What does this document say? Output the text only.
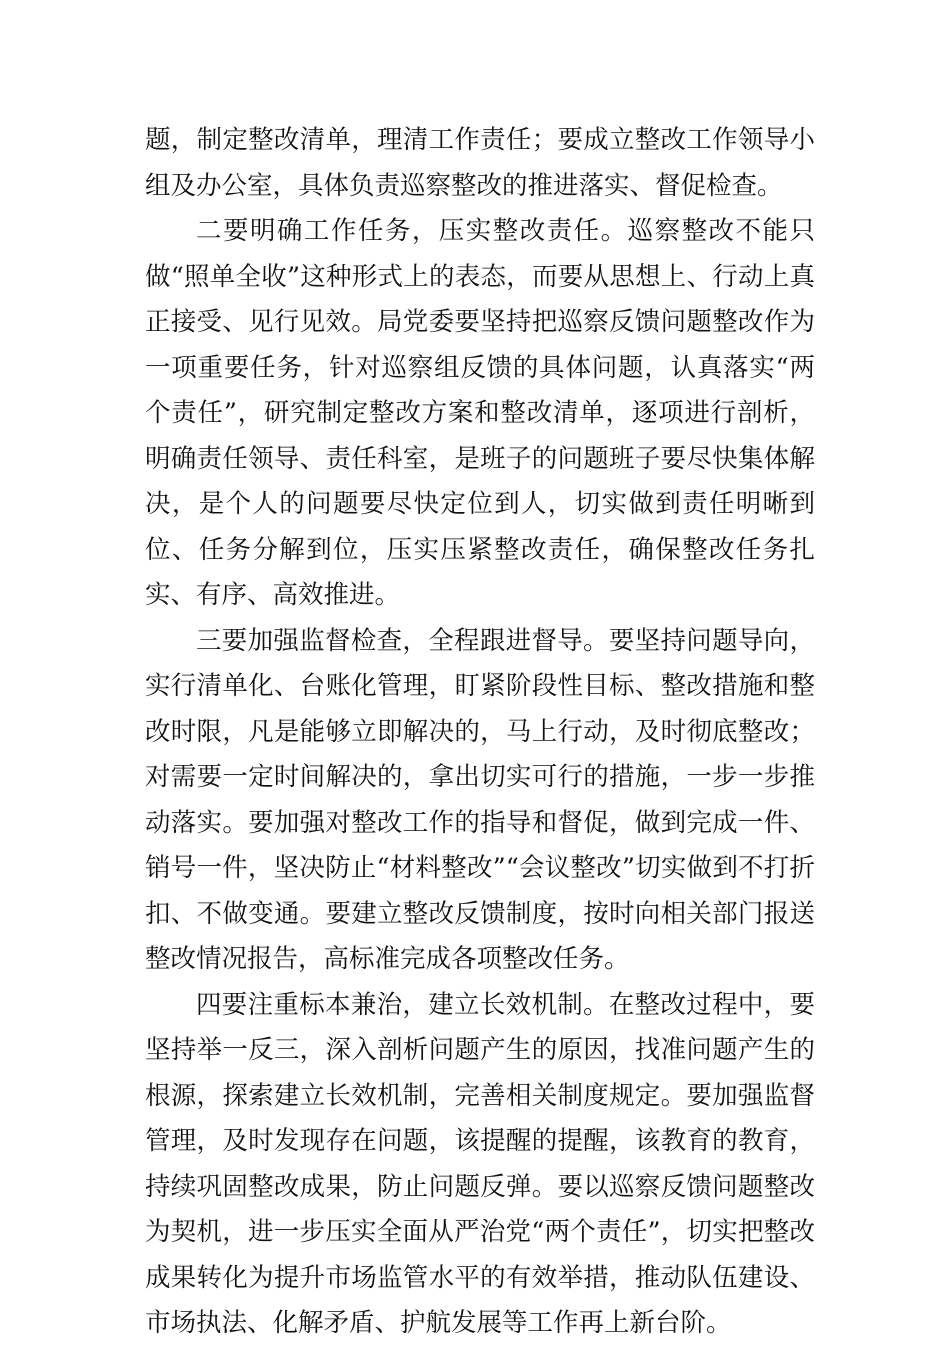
题，制定整改清单，理清工作责任；要成立整改工作领导小组及办公室，具体负责巡察整改的推进落实、督促检查。

二要明确工作任务，压实整改责任。巡察整改不能只做“照单全收”这种形式上的表态，而要从思想上、行动上真正接受、见行见效。局党委要坚持把巡察反馈问题整改作为一项重要任务，针对巡察组反馈的具体问题，认真落实“两个责任”，研究制定整改方案和整改清单，逐项进行剖析，明确责任领导、责任科室，是班子的问题班子要尽快集体解决，是个人的问题要尽快定位到人，切实做到责任明晰到位、任务分解到位，压实压紧整改责任，确保整改任务扎实、有序、高效推进。

三要加强监督检查，全程跟进督导。要坚持问题导向，实行清单化、台账化管理，盯紧阶段性目标、整改措施和整改时限，凡是能够立即解决的，马上行动，及时彻底整改；对需要一定时间解决的，拿出切实可行的措施，一步一步推动落实。要加强对整改工作的指导和督促，做到完成一件、销号一件，坚决防止“材料整改”“会议整改”切实做到不打折扣、不做变通。要建立整改反馈制度，按时向相关部门报送整改情况报告，高标准完成各项整改任务。

四要注重标本兼治，建立长效机制。在整改过程中，要坚持举一反三，深入剖析问题产生的原因，找准问题产生的根源，探索建立长效机制，完善相关制度规定。要加强监督管理，及时发现存在问题，该提醒的提醒，该教育的教育，持续巩固整改成果，防止问题反弹。要以巡察反馈问题整改为契机，进一步压实全面从严治党“两个责任”，切实把整改成果转化为提升市场监管水平的有效举措，推动队伍建设、市场执法、化解矛盾、护航发展等工作再上新台阶。
